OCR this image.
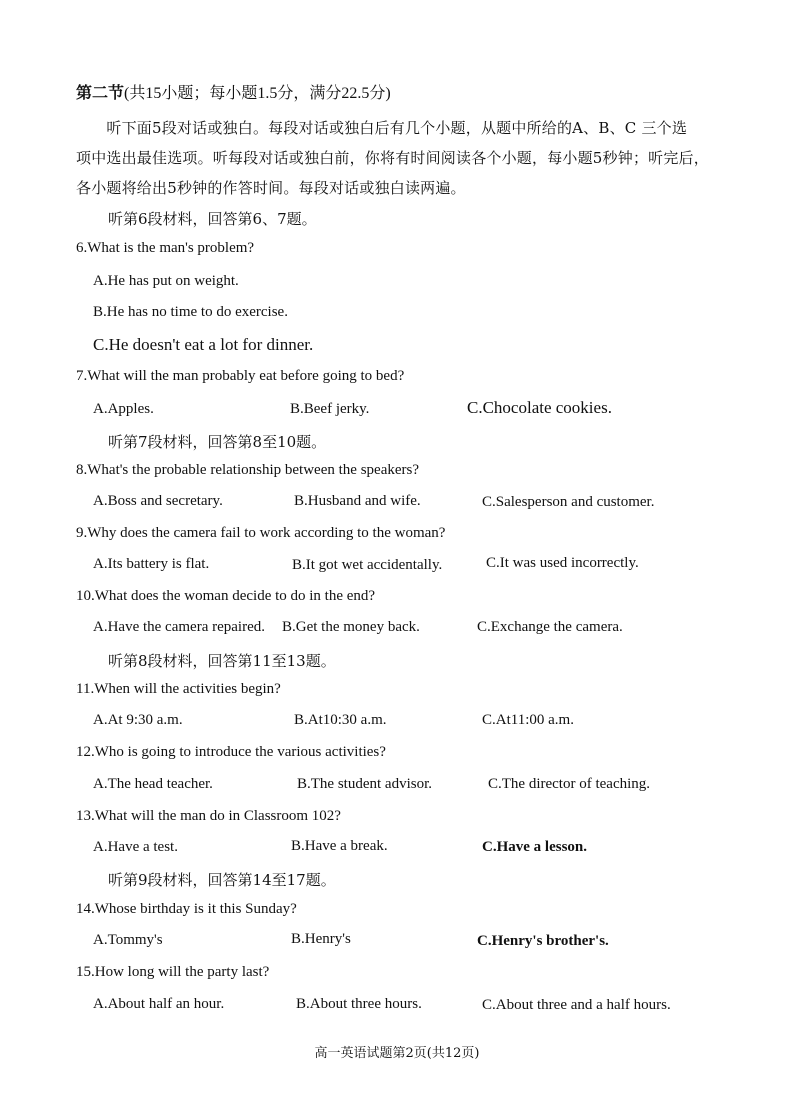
第二节(共15小题；每小题1.5分，满分22.5分)
　　听下面5段对话或独白。每段对话或独白后有几个小题，从题中所给的A、B、C 三个选
项中选出最佳选项。听每段对话或独白前，你将有时间阅读各个小题，每小题5秒钟；听完后，
各小题将给出5秒钟的作答时间。每段对话或独白读两遍。
听第6段材料，回答第6、7题。
6.What is the man's problem?
A.He has put on weight.
B.He has no time to do exercise.
C.He doesn't eat a lot for dinner.
7.What will the man probably eat before going to bed?
A.Apples.	B.Beef jerky.	C.Chocolate cookies.
听第7段材料，回答第8至10题。
8.What's the probable relationship between the speakers?
A.Boss and secretary.	B.Husband and wife.	C.Salesperson and customer.
9.Why does the camera fail to work according to the woman?
A.Its battery is flat.	B.It got wet accidentally.	C.It was used incorrectly.
10.What does the woman decide to do in the end?
A.Have the camera repaired. B.Get the money back.	C.Exchange the camera.
听第8段材料，回答第11至13题。
11.When will the activities begin?
A.At 9:30 a.m.	B.At10:30 a.m.	C.At11:00 a.m.
12.Who is going to introduce the various activities?
A.The head teacher.	B.The student advisor.	C.The director of teaching.
13.What will the man do in Classroom 102?
A.Have a test.	B.Have a break.	C.Have a lesson.
听第9段材料，回答第14至17题。
14.Whose birthday is it this Sunday?
A.Tommy's	B.Henry's	C.Henry's brother's.
15.How long will the party last?
A.About half an hour.	B.About three hours.	C.About three and a half hours.
高一英语试题第2页(共12页)
